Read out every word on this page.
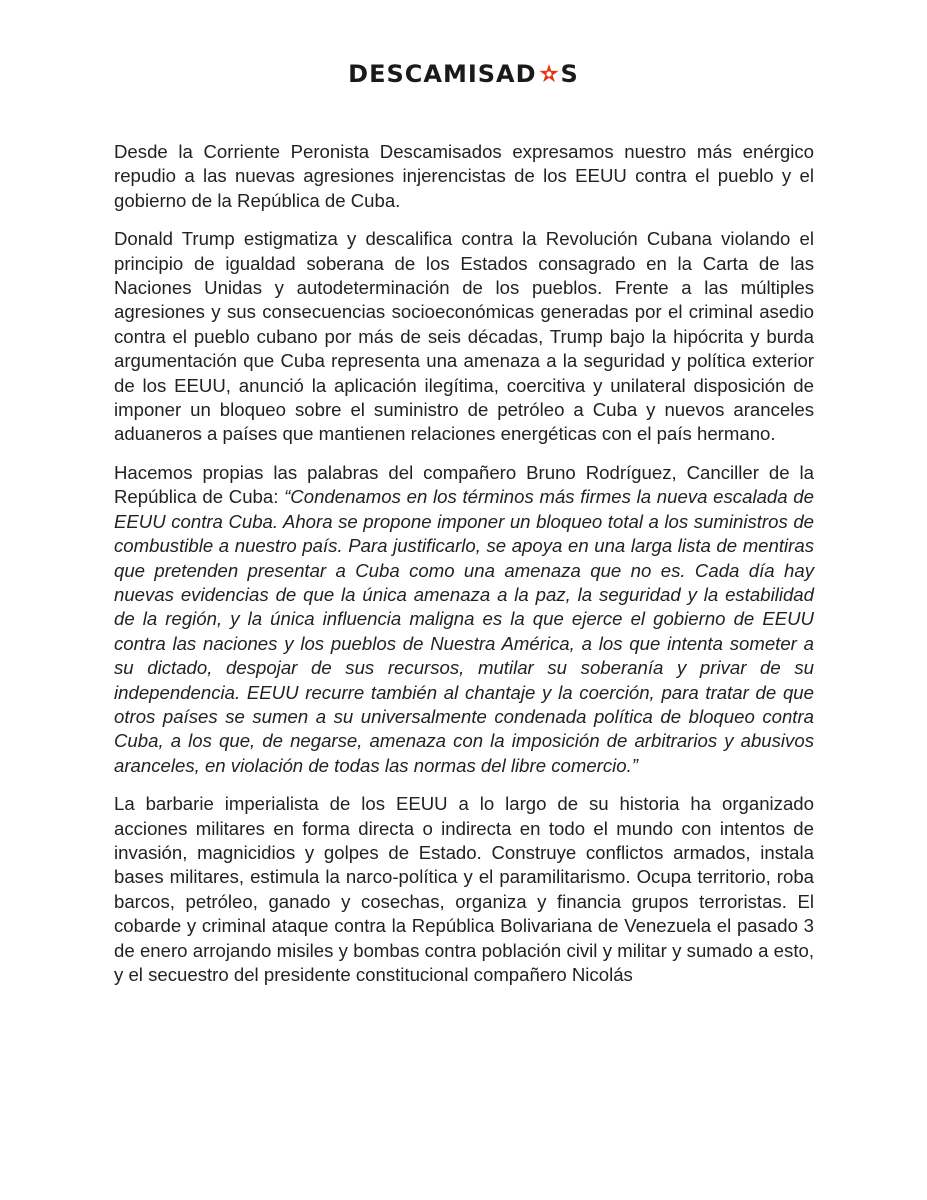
DESCAMISAD S

Desde la Corriente Peronista Descamisados expresamos nuestro más enérgico repudio a las nuevas agresiones injerencistas de los EEUU contra el pueblo y el gobierno de la República de Cuba.

Donald Trump estigmatiza y descalifica contra la Revolución Cubana violando el principio de igualdad soberana de los Estados consagrado en la Carta de las Naciones Unidas y autodeterminación de los pueblos. Frente a las múltiples agresiones y sus consecuencias socioeconómicas generadas por el criminal asedio contra el pueblo cubano por más de seis décadas, Trump bajo la hipócrita y burda argumentación que Cuba representa una amenaza a la seguridad y política exterior de los EEUU, anunció la aplicación ilegítima, coercitiva y unilateral disposición de imponer un bloqueo sobre el suministro de petróleo a Cuba y nuevos aranceles aduaneros a países que mantienen relaciones energéticas con el país hermano.

Hacemos propias las palabras del compañero Bruno Rodríguez, Canciller de la República de Cuba: “Condenamos en los términos más firmes la nueva escalada de EEUU contra Cuba. Ahora se propone imponer un bloqueo total a los suministros de combustible a nuestro país. Para justificarlo, se apoya en una larga lista de mentiras que pretenden presentar a Cuba como una amenaza que no es. Cada día hay nuevas evidencias de que la única amenaza a la paz, la seguridad y la estabilidad de la región, y la única influencia maligna es la que ejerce el gobierno de EEUU contra las naciones y los pueblos de Nuestra América, a los que intenta someter a su dictado, despojar de sus recursos, mutilar su soberanía y privar de su independencia. EEUU recurre también al chantaje y la coerción, para tratar de que otros países se sumen a su universalmente condenada política de bloqueo contra Cuba, a los que, de negarse, amenaza con la imposición de arbitrarios y abusivos aranceles, en violación de todas las normas del libre comercio.”

La barbarie imperialista de los EEUU a lo largo de su historia ha organizado acciones militares en forma directa o indirecta en todo el mundo con intentos de invasión, magnicidios y golpes de Estado. Construye conflictos armados, instala bases militares, estimula la narco-política y el paramilitarismo. Ocupa territorio, roba barcos, petróleo, ganado y cosechas, organiza y financia grupos terroristas. El cobarde y criminal ataque contra la República Bolivariana de Venezuela el pasado 3 de enero arrojando misiles y bombas contra población civil y militar y sumado a esto, y el secuestro del presidente constitucional compañero Nicolás
